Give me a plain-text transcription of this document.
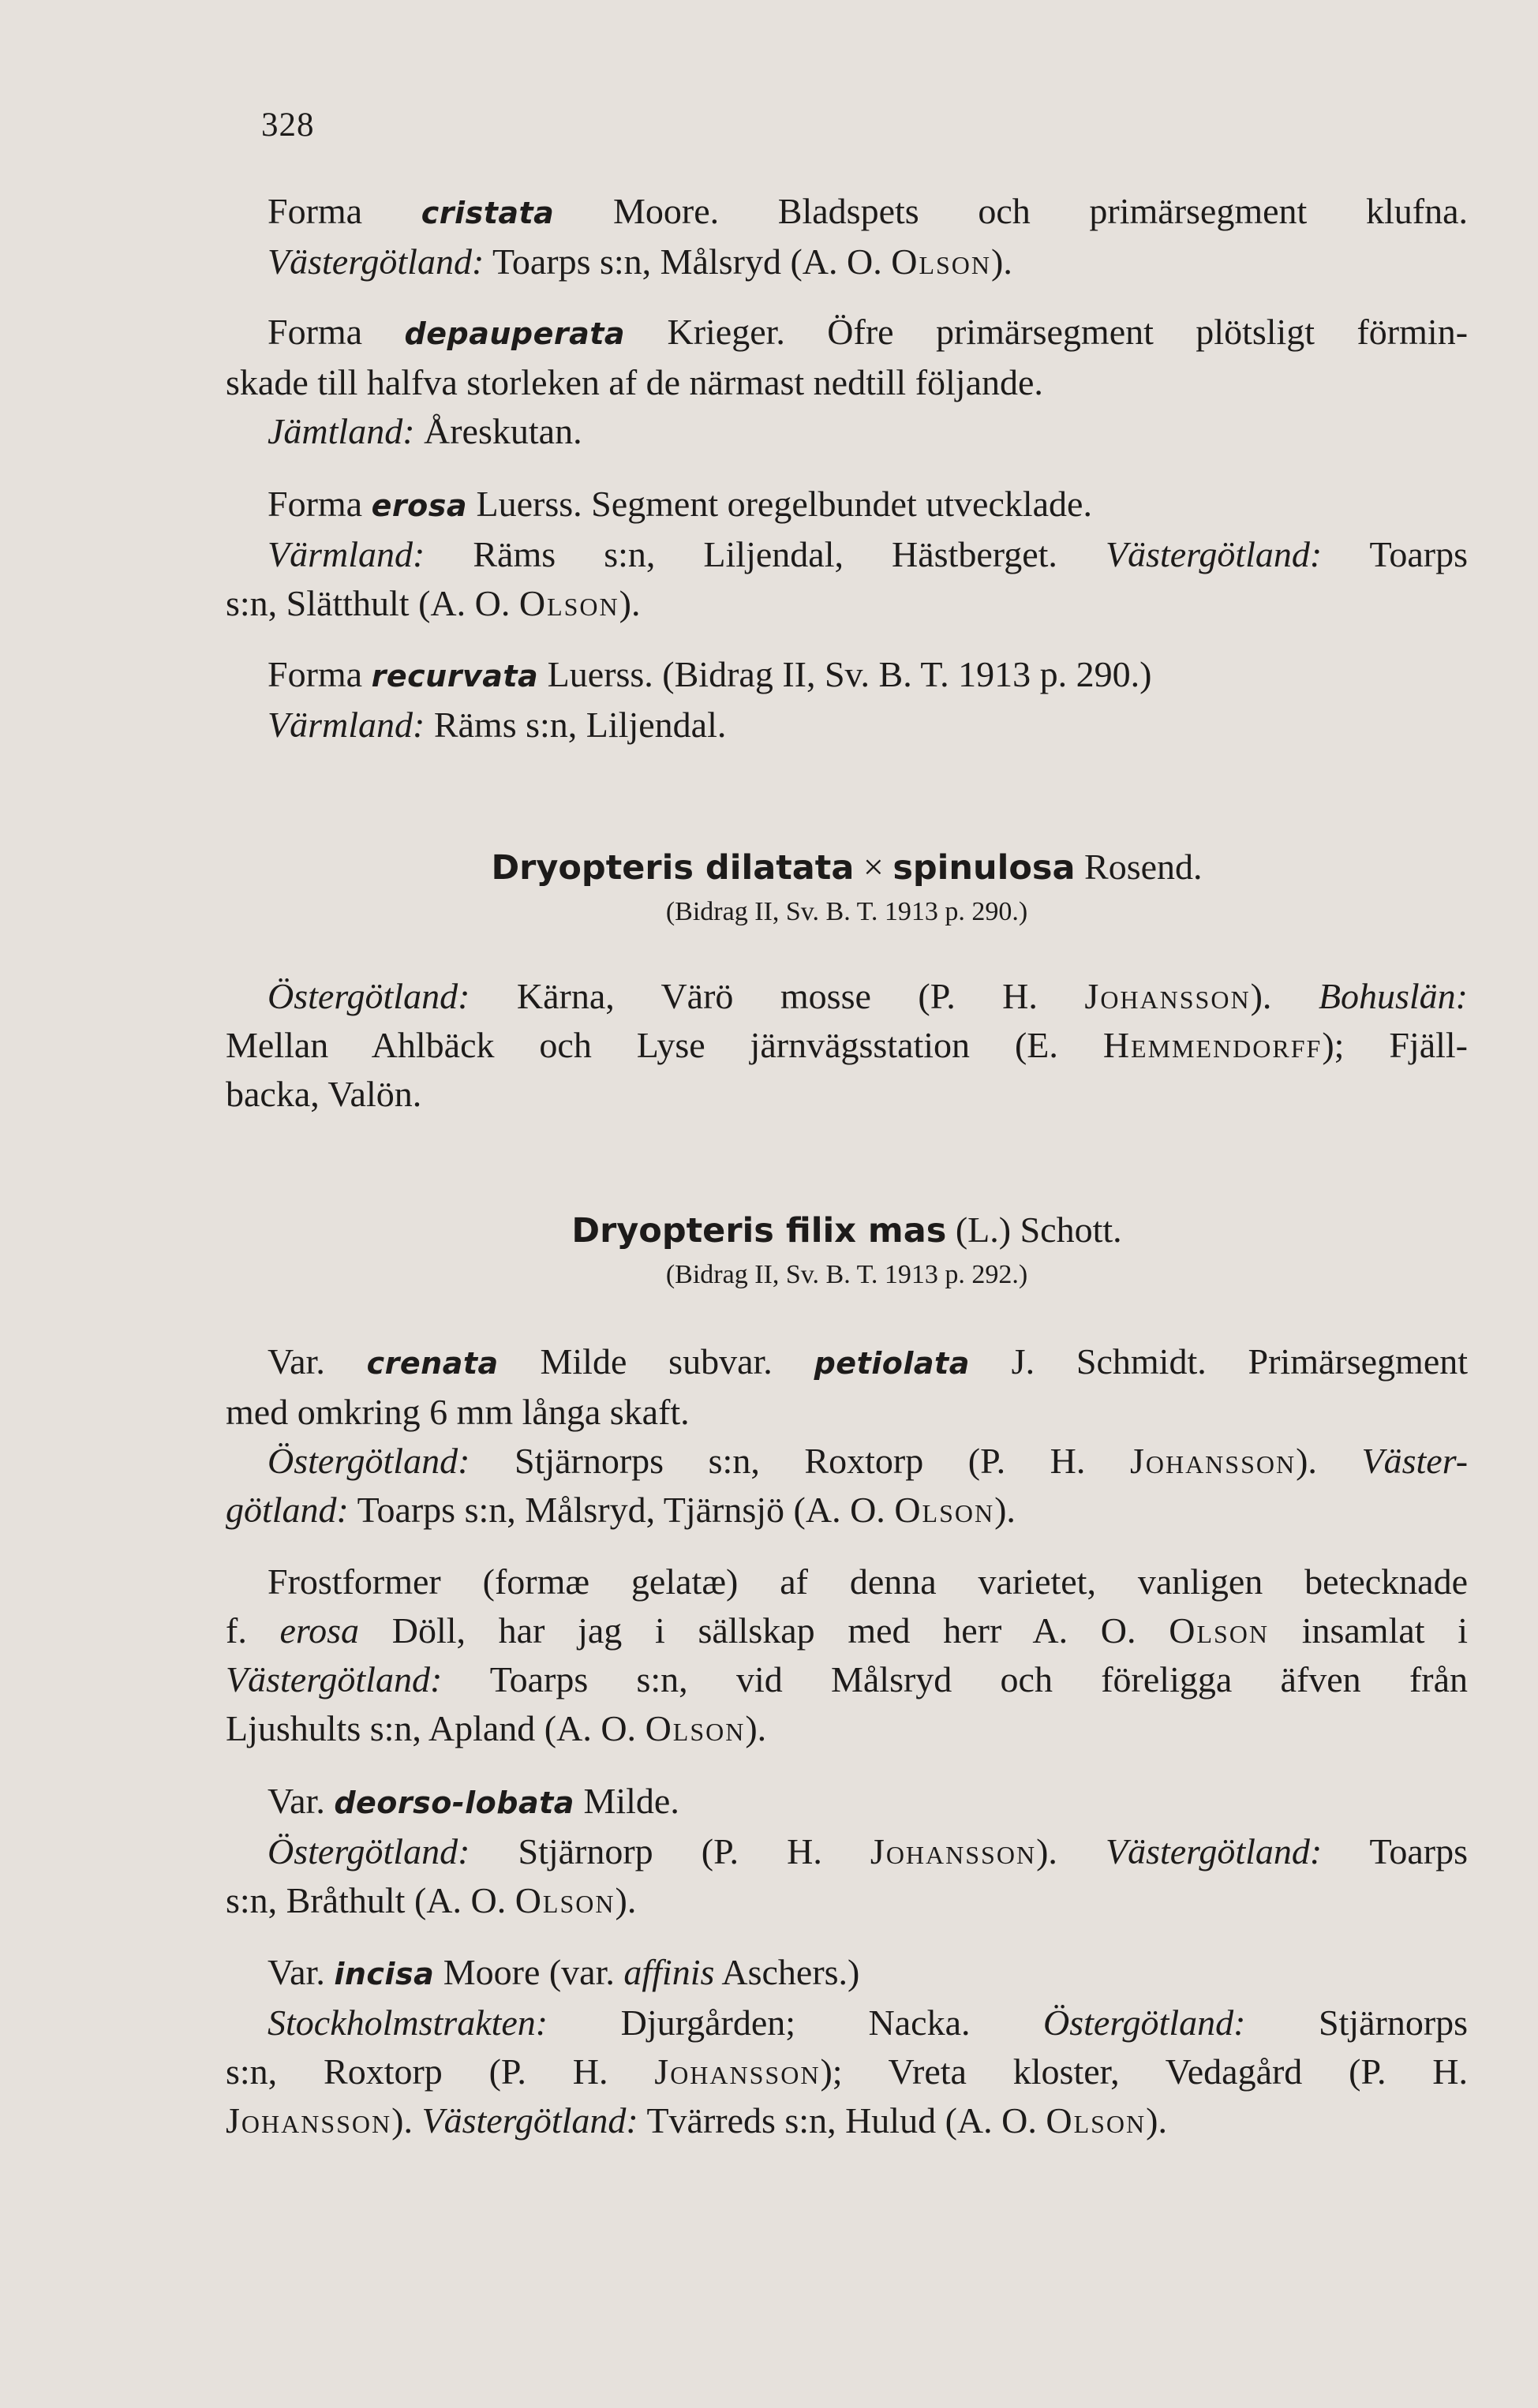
328
Forma cristata Moore. Bladspets och primärsegment klufna.
Västergötland: Toarps s:n, Målsryd (A. O. Olson).
Forma depauperata Krieger. Öfre primärsegment plötsligt förmin-
skade till halfva storleken af de närmast nedtill följande.
Jämtland: Åreskutan.
Forma erosa Luerss. Segment oregelbundet utvecklade.
Värmland: Räms s:n, Liljendal, Hästberget. Västergötland: Toarps
s:n, Slätthult (A. O. Olson).
Forma recurvata Luerss. (Bidrag II, Sv. B. T. 1913 p. 290.)
Värmland: Räms s:n, Liljendal.
Dryopteris dilatata × spinulosa Rosend.
(Bidrag II, Sv. B. T. 1913 p. 290.)
Östergötland: Kärna, Värö mosse (P. H. Johansson). Bohuslän:
Mellan Ahlbäck och Lyse järnvägsstation (E. Hemmendorff); Fjäll-
backa, Valön.
Dryopteris filix mas (L.) Schott.
(Bidrag II, Sv. B. T. 1913 p. 292.)
Var. crenata Milde subvar. petiolata J. Schmidt. Primärsegment
med omkring 6 mm långa skaft.
Östergötland: Stjärnorps s:n, Roxtorp (P. H. Johansson). Väster-
götland: Toarps s:n, Målsryd, Tjärnsjö (A. O. Olson).
Frostformer (formæ gelatæ) af denna varietet, vanligen betecknade
f. erosa Döll, har jag i sällskap med herr A. O. Olson insamlat i
Västergötland: Toarps s:n, vid Målsryd och föreligga äfven från
Ljushults s:n, Apland (A. O. Olson).
Var. deorso-lobata Milde.
Östergötland: Stjärnorp (P. H. Johansson). Västergötland: Toarps
s:n, Bråthult (A. O. Olson).
Var. incisa Moore (var. affinis Aschers.)
Stockholmstrakten: Djurgården; Nacka. Östergötland: Stjärnorps
s:n, Roxtorp (P. H. Johansson); Vreta kloster, Vedagård (P. H.
Johansson). Västergötland: Tvärreds s:n, Hulud (A. O. Olson).
